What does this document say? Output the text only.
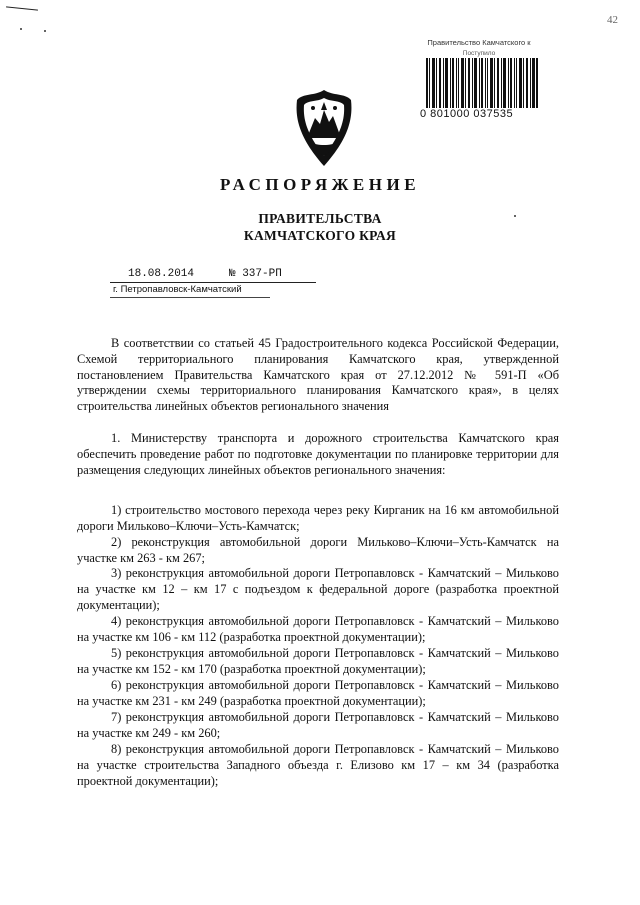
42
Правительство Камчатского к
Поступило
0 801000 037535
РАСПОРЯЖЕНИЕ
ПРАВИТЕЛЬСТВА
КАМЧАТСКОГО КРАЯ
18.08.2014	№ 337-РП
г. Петропавловск-Камчатский

В соответствии со статьей 45 Градостроительного кодекса Российской Федерации, Схемой территориального планирования Камчатского края, утвержденной постановлением Правительства Камчатского края от 27.12.2012 № 591-П «Об утверждении схемы территориального планирования Камчатского края», в целях строительства линейных объектов регионального значения

1. Министерству транспорта и дорожного строительства Камчатского края обеспечить проведение работ по подготовке документации по планировке территории для размещения следующих линейных объектов регионального значения:

1) строительство мостового перехода через реку Кирганик на 16 км автомобильной дороги Мильково–Ключи–Усть-Камчатск;

2) реконструкция автомобильной дороги Мильково–Ключи–Усть-Камчатск на участке км 263 - км 267;

3) реконструкция автомобильной дороги Петропавловск - Камчатский – Мильково на участке км 12 – км 17 с подъездом к федеральной дороге (разработка проектной документации);

4) реконструкция автомобильной дороги Петропавловск - Камчатский – Мильково на участке км 106 - км 112 (разработка проектной документации);

5) реконструкция автомобильной дороги Петропавловск - Камчатский – Мильково на участке км 152 - км 170 (разработка проектной документации);

6) реконструкция автомобильной дороги Петропавловск - Камчатский – Мильково на участке км 231 - км 249 (разработка проектной документации);

7) реконструкция автомобильной дороги Петропавловск - Камчатский – Мильково на участке км 249 - км 260;

8) реконструкция автомобильной дороги Петропавловск - Камчатский – Мильково на участке строительства Западного объезда г. Елизово км 17 – км 34 (разработка проектной документации);
